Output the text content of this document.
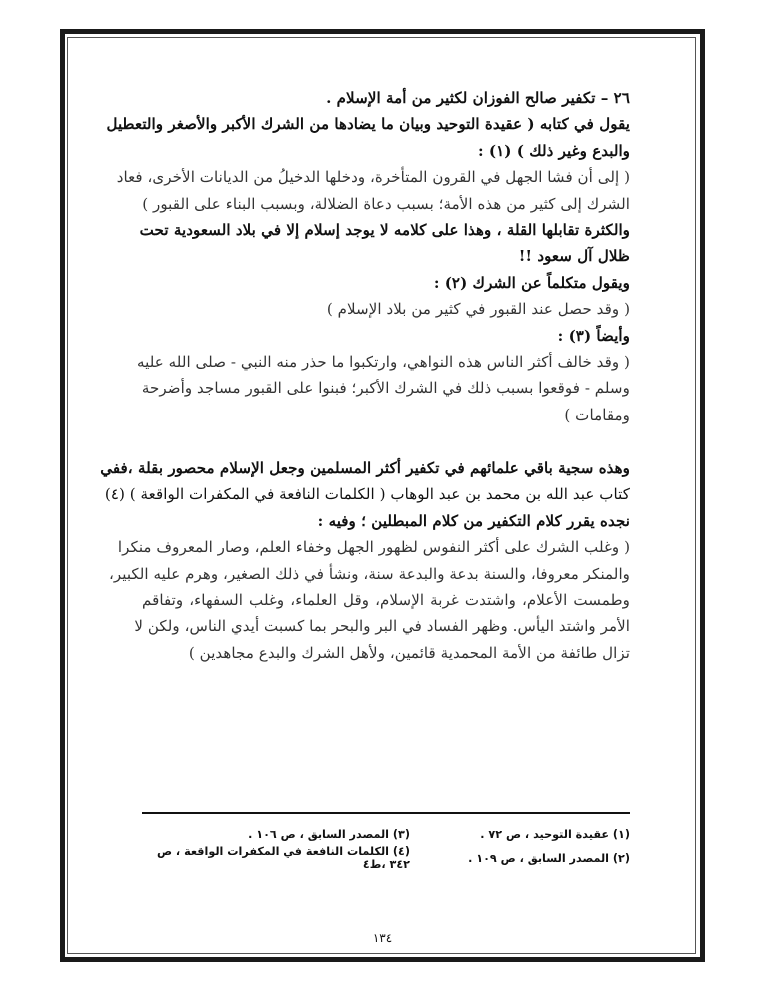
٢٦ – تكفير صالح الفوزان لكثير من أمة الإسلام .
يقول في كتابه ( عقيدة التوحيد وبيان ما يضادها من الشرك الأكبر والأصغر والتعطيل
والبدع وغير ذلك ) (١) :
( إلى أن فشا الجهل في القرون المتأخرة، ودخلها الدخيلُ من الديانات الأخرى، فعاد
الشرك إلى كثير من هذه الأمة؛ بسبب دعاة الضلالة، وبسبب البناء على القبور )
والكثرة تقابلها القلة ، وهذا على كلامه لا يوجد إسلام إلا في بلاد السعودية تحت
ظلال آل سعود !!
ويقول متكلماً عن الشرك (٢) :
( وقد حصل عند القبور في كثير من بلاد الإسلام )
وأيضاً (٣) :
( وقد خالف أكثر الناس هذه النواهي، وارتكبوا ما حذر منه النبي - صلى الله عليه
وسلم - فوقعوا بسبب ذلك في الشرك الأكبر؛ فبنوا على القبور مساجد وأضرحة
ومقامات )
وهذه سجية باقي علمائهم في تكفير أكثر المسلمين وجعل الإسلام محصور بقلة ،ففي
كتاب عبد الله بن محمد بن عبد الوهاب ( الكلمات النافعة في المكفرات الواقعة ) (٤)
نجده يقرر كلام التكفير من كلام المبطلين ؛ وفيه :
( وغلب الشرك على أكثر النفوس لظهور الجهل وخفاء العلم، وصار المعروف منكرا
والمنكر معروفا، والسنة بدعة والبدعة سنة، ونشأ في ذلك الصغير، وهرم عليه الكبير،
وطمست الأعلام، واشتدت غربة الإسلام، وقل العلماء، وغلب السفهاء، وتفاقم
الأمر واشتد اليأس. وظهر الفساد في البر والبحر بما كسبت أيدي الناس، ولكن لا
تزال طائفة من الأمة المحمدية قائمين، ولأهل الشرك والبدع مجاهدين )
(١) عقيدة التوحيد ، ص ٧٢ .
(٣) المصدر السابق ، ص ١٠٦ .
(٢) المصدر السابق ، ص ١٠٩ .
(٤) الكلمات النافعة في المكفرات الواقعة ، ص ٣٤٢ ،ط٤
١٣٤
